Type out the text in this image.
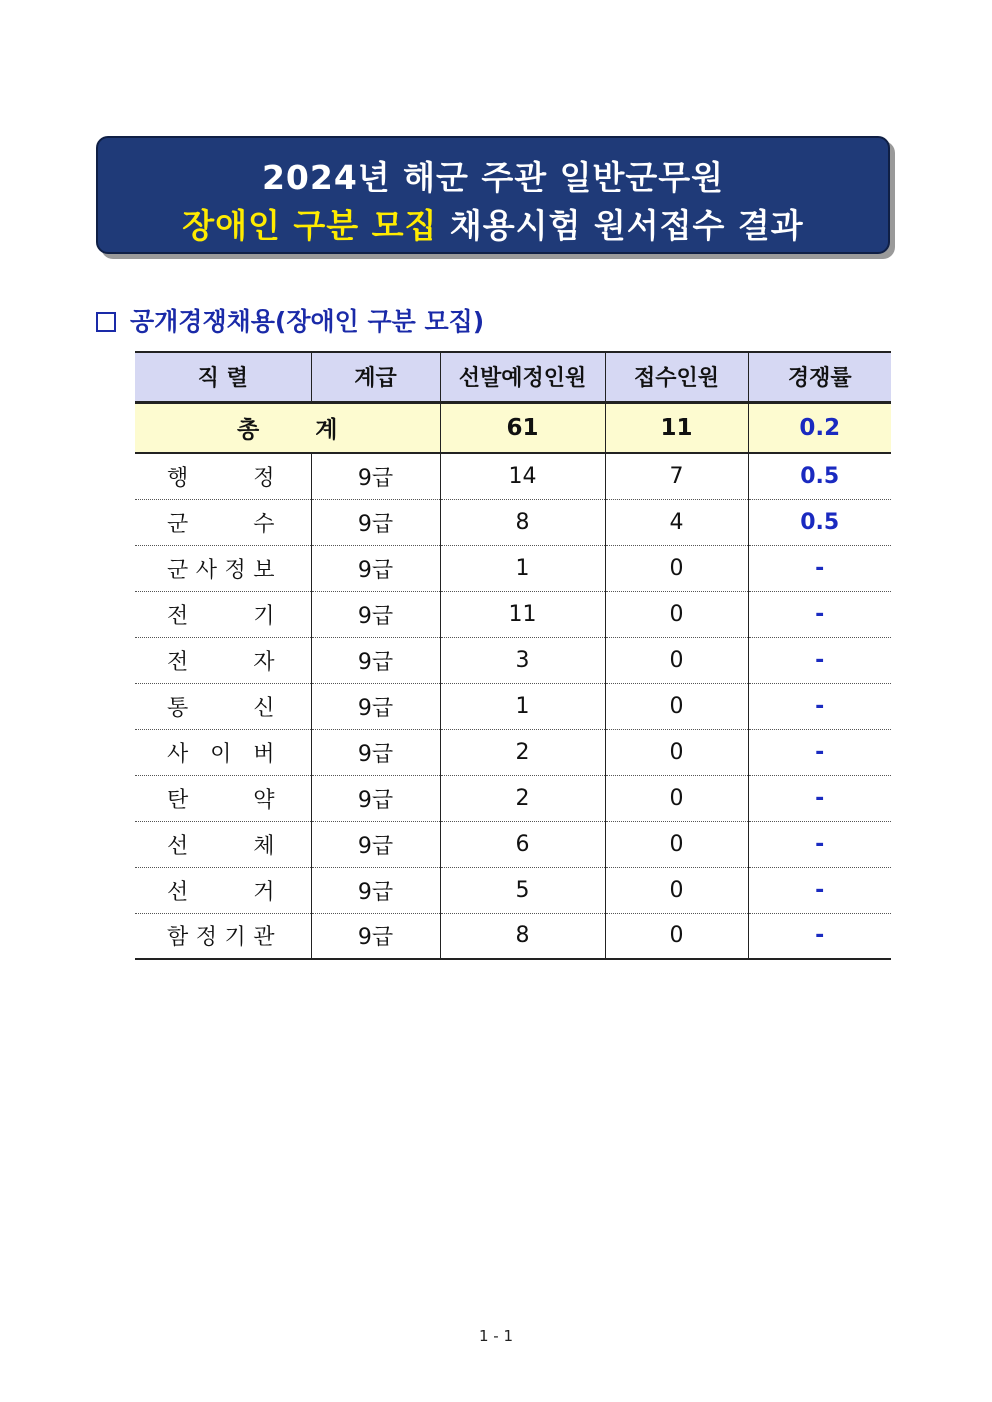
2024년 해군 주관 일반군무원
장애인 구분 모집 채용시험 원서접수 결과
공개경쟁채용(장애인 구분 모집)
직 렬	계급	선발예정인원	접수인원	경쟁률
총 계		61	11	0.2

행 정	9급	14	7	0.5

군 수	9급	8	4	0.5

군 사 정 보	9급	1	0	-

전 기	9급	11	0	-

전 자	9급	3	0	-

통 신	9급	1	0	-

사 이 버	9급	2	0	-

탄 약	9급	2	0	-

선 체	9급	6	0	-

선 거	9급	5	0	-

함 정 기 관	9급	8	0	-
1 - 1
